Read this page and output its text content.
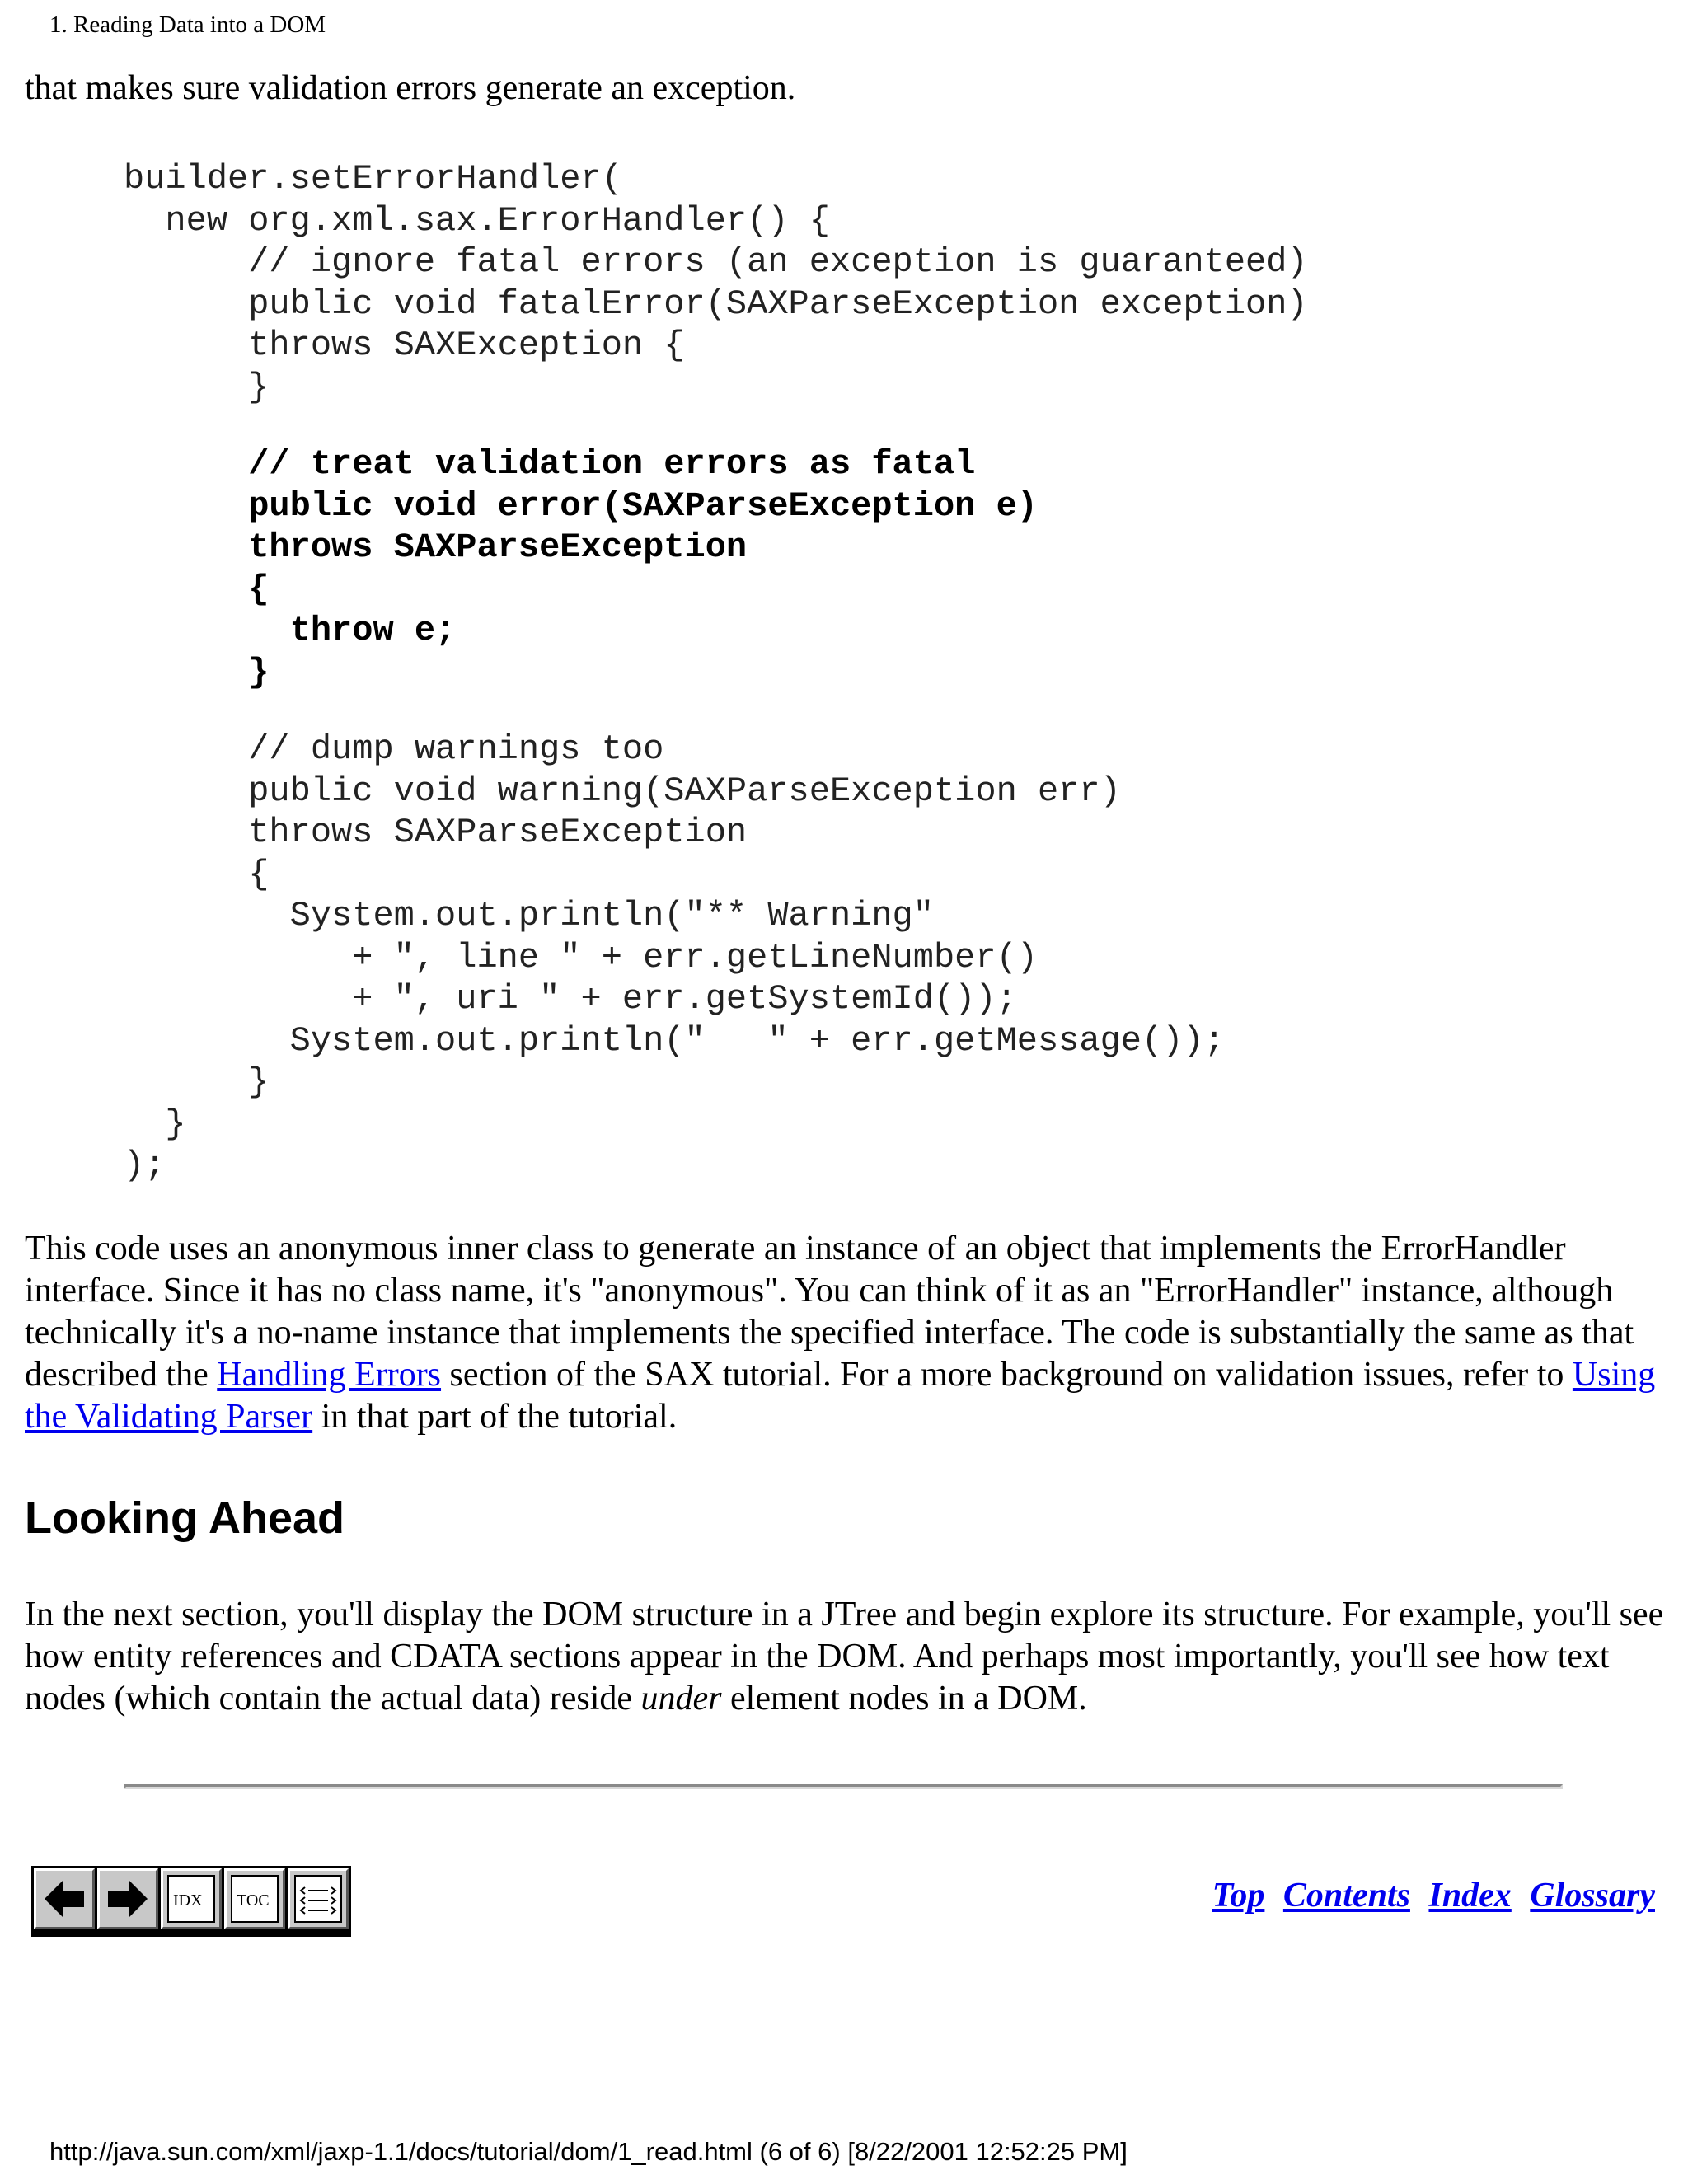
1. Reading Data into a DOM

that makes sure validation errors generate an exception.

builder.setErrorHandler(
new org.xml.sax.ErrorHandler() {
// ignore fatal errors (an exception is guaranteed)
public void fatalError(SAXParseException exception)
throws SAXException {
}
// treat validation errors as fatal
public void error(SAXParseException e)
throws SAXParseException
{
throw e;
}
// dump warnings too
public void warning(SAXParseException err)
throws SAXParseException
{
System.out.println("** Warning"
+ ", line " + err.getLineNumber()
+ ", uri " + err.getSystemId());
System.out.println("   " + err.getMessage());
}
}
);

This code uses an anonymous inner class to generate an instance of an object that implements the ErrorHandler interface. Since it has no class name, it's "anonymous". You can think of it as an "ErrorHandler" instance, although technically it's a no-name instance that implements the specified interface. The code is substantially the same as that described the Handling Errors section of the SAX tutorial. For a more background on validation issues, refer to Using the Validating Parser in that part of the tutorial.

Looking Ahead

In the next section, you'll display the DOM structure in a JTree and begin explore its structure. For example, you'll see how entity references and CDATA sections appear in the DOM. And perhaps most importantly, you'll see how text nodes (which contain the actual data) reside under element nodes in a DOM.

IDX TOC	Top Contents Index Glossary
http://java.sun.com/xml/jaxp-1.1/docs/tutorial/dom/1_read.html (6 of 6) [8/22/2001 12:52:25 PM]
